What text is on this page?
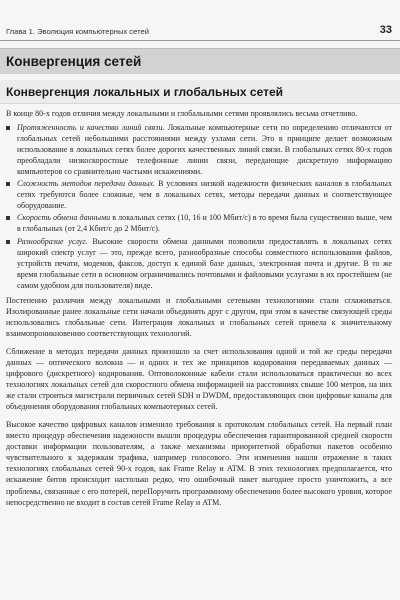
Глава 1. Эволюция компьютерных сетей	33
Конвергенция сетей
Конвергенция локальных и глобальных сетей

В конце 80-х годов отличия между локальными и глобальными сетями проявлялись весьма отчетливо.

Протяженность и качество линий связи. Локальные компьютерные сети по определению отличаются от глобальных сетей небольшими расстояниями между узлами сети. Это в принципе делает возможным использование в локальных сетях более дорогих качественных линий связи. В глобальных сетях 80-х годов преобладали низкоскоростные телефонные линии связи, передающие дискретную информацию компьютеров со сравнительно частыми искажениями.

Сложность методов передачи данных. В условиях низкой надежности физических каналов в глобальных сетях требуются более сложные, чем в локальных сетях, методы передачи данных и соответствующее оборудование.

Скорость обмена данными в локальных сетях (10, 16 и 100 Мбит/с) в то время была существенно выше, чем в глобальных (от 2,4 Кбит/с до 2 Мбит/с).

Разнообразие услуг. Высокие скорости обмена данными позволили предоставлять в локальных сетях широкий спектр услуг — это, прежде всего, разнообразные способы совместного использования файлов, устройств печати, модемов, факсов, доступ к единой базе данных, электронная почта и другие. В то же время глобальные сети в основном ограничивались почтовыми и файловыми услугами в их простейшем (не самом удобном для пользователя) виде.

Постепенно различия между локальными и глобальными сетевыми технологиями стали сглаживаться. Изолированные ранее локальные сети начали объединять друг с другом, при этом в качестве связующей среды использовались глобальные сети. Интеграция локальных и глобальных сетей привела к значительному взаимопроникновению соответствующих технологий.

Сближение в методах передачи данных произошло за счет использования одной и той же среды передачи данных — оптического волокна — и одних и тех же принципов кодирования передаваемых данных — цифрового (дискретного) кодирования. Оптоволоконные кабели стали использоваться практически во всех технологиях локальных сетей для скоростного обмена информацией на расстояниях свыше 100 метров, на них же стали строиться магистрали первичных сетей SDH и DWDM, предоставляющих свои цифровые каналы для объединения оборудования глобальных компьютерных сетей.

Высокое качество цифровых каналов изменило требования к протоколам глобальных сетей. На первый план вместо процедур обеспечения надежности вышли процедуры обеспечения гарантированной средней скорости доставки информации пользователям, а также механизмы приоритетной обработки пакетов особенно чувствительного к задержкам трафика, например голосового. Эти изменения нашли отражение в таких технологиях глобальных сетей 90-х годов, как Frame Relay и ATM. В этих технологиях предполагается, что искажение битов происходит настолько редко, что ошибочный пакет выгоднее просто уничтожить, а все проблемы, связанные с его потерей, переПоручить программному обеспечению более высокого уровня, которое непосредственно не входит в состав сетей Frame Relay и ATM.
